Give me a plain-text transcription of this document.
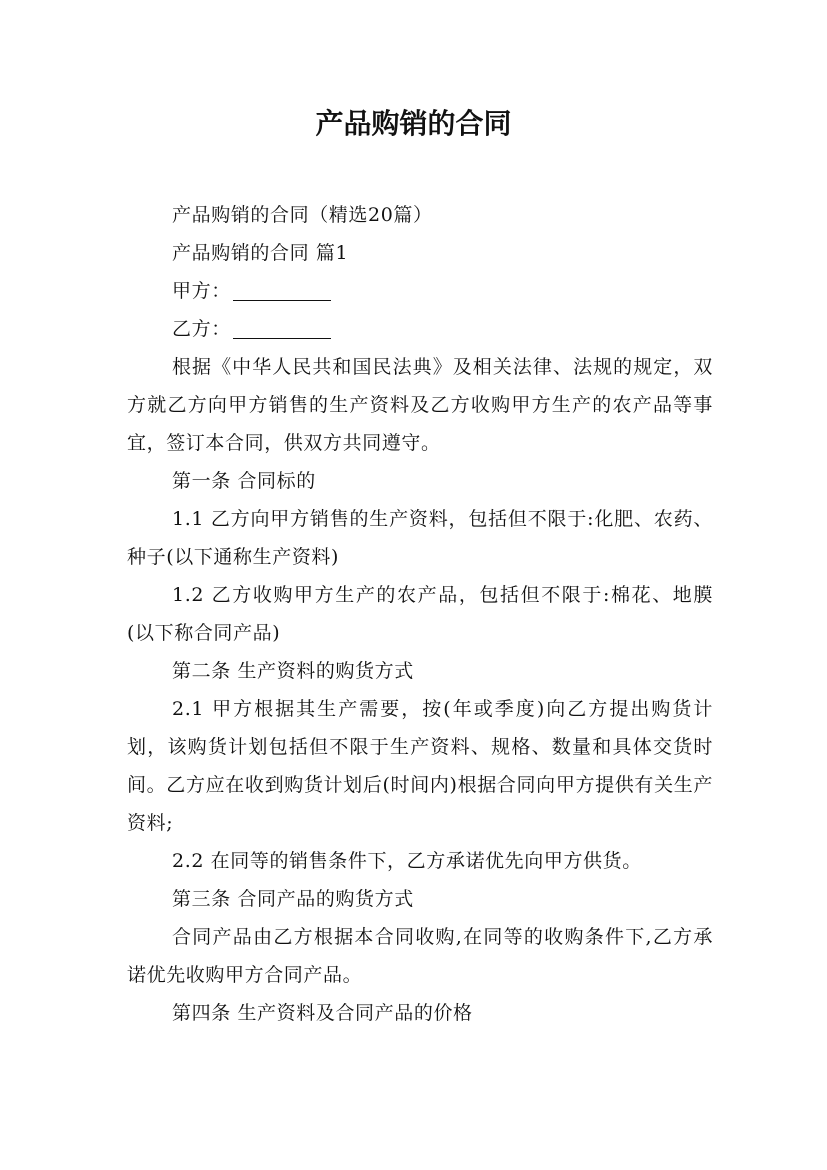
产品购销的合同

产品购销的合同（精选20篇）

产品购销的合同 篇1

甲方：

乙方：

根据《中华人民共和国民法典》及相关法律、法规的规定，双方就乙方向甲方销售的生产资料及乙方收购甲方生产的农产品等事宜，签订本合同，供双方共同遵守。

第一条 合同标的

1.1 乙方向甲方销售的生产资料，包括但不限于:化肥、农药、种子(以下通称生产资料)

1.2 乙方收购甲方生产的农产品，包括但不限于:棉花、地膜(以下称合同产品)

第二条 生产资料的购货方式

2.1 甲方根据其生产需要，按(年或季度)向乙方提出购货计划，该购货计划包括但不限于生产资料、规格、数量和具体交货时间。乙方应在收到购货计划后(时间内)根据合同向甲方提供有关生产资料;

2.2 在同等的销售条件下，乙方承诺优先向甲方供货。

第三条 合同产品的购货方式

合同产品由乙方根据本合同收购,在同等的收购条件下,乙方承诺优先收购甲方合同产品。

第四条 生产资料及合同产品的价格
